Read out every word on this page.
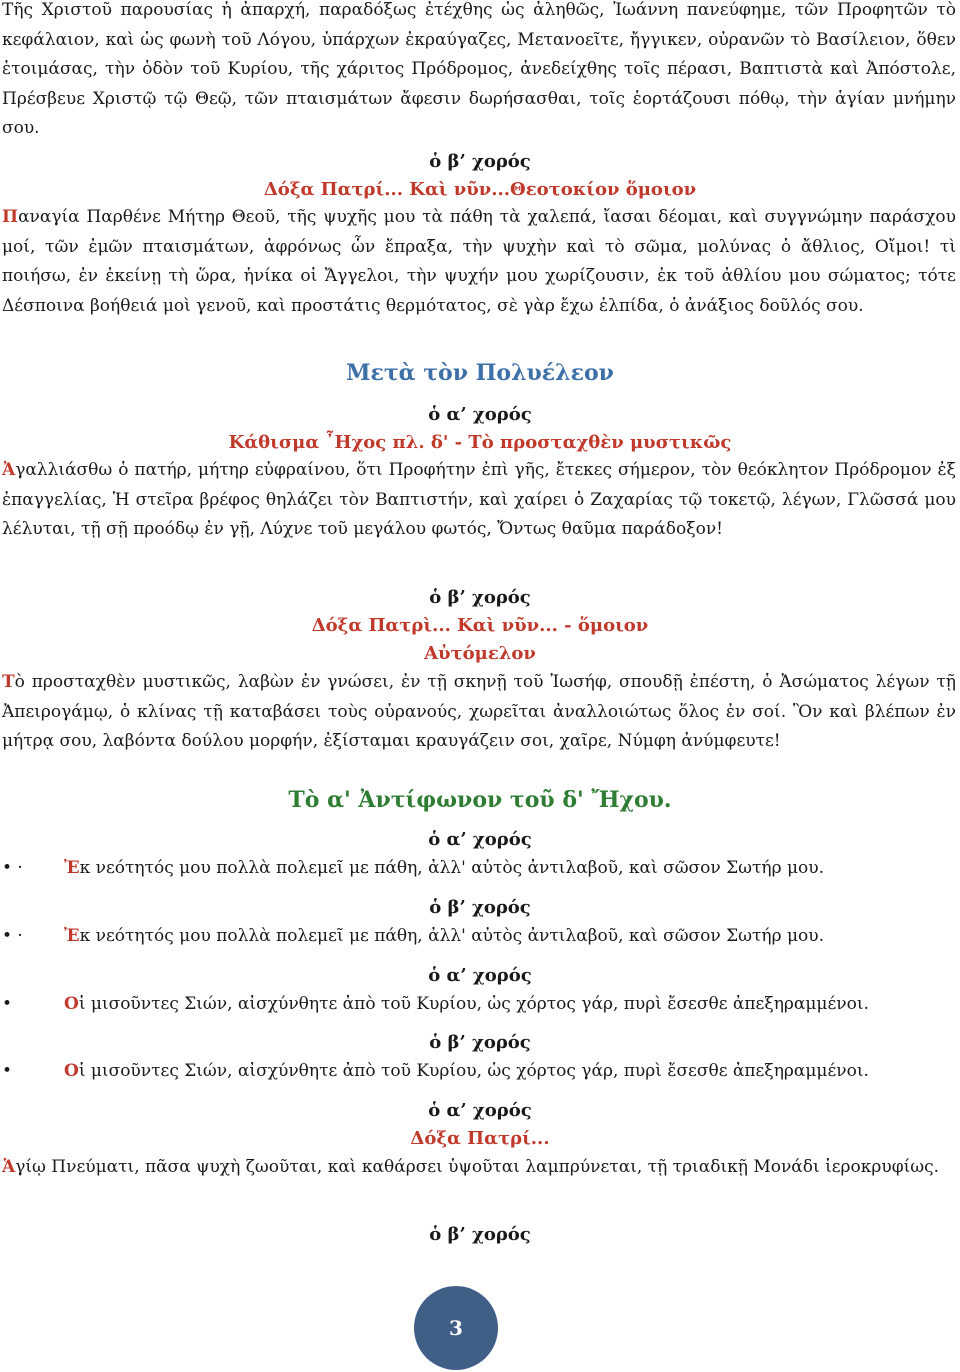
Τῆς Χριστοῦ παρουσίας ἡ ἀπαρχή, παραδόξως ἐτέχθης ὡς ἀληθῶς, Ἰωάννη πανεύφημε, τῶν Προφητῶν τὸ κεφάλαιον, καὶ ὡς φωνὴ τοῦ Λόγου, ὑπάρχων ἐκραύγαζες, Μετανοεῖτε, ἤγγικεν, οὐρανῶν τὸ Βασίλειον, ὅθεν ἑτοιμάσας, τὴν ὁδὸν τοῦ Κυρίου, τῆς χάριτος Πρόδρομος, ἀνεδείχθης τοῖς πέρασι, Βαπτιστὰ καὶ Ἀπόστολε, Πρέσβευε Χριστῷ τῷ Θεῷ, τῶν πταισμάτων ἄφεσιν δωρήσασθαι, τοῖς ἑορτάζουσι πόθῳ, τὴν ἁγίαν μνήμην σου.

ὁ β’ χορός
Δόξα Πατρί... Καὶ νῦν...Θεοτοκίον ὅμοιον

Παναγία Παρθένε Μήτηρ Θεοῦ, τῆς ψυχῆς μου τὰ πάθη τὰ χαλεπά, ἴασαι δέομαι, καὶ συγγνώμην παράσχου μοί, τῶν ἐμῶν πταισμάτων, ἀφρόνως ὧν ἔπραξα, τὴν ψυχὴν καὶ τὸ σῶμα, μολύνας ὁ ἄθλιος, Οἴμοι! τὶ ποιήσω, ἐν ἐκείνῃ τὴ ὥρα, ἡνίκα οἱ Ἄγγελοι, τὴν ψυχήν μου χωρίζουσιν, ἐκ τοῦ ἀθλίου μου σώματος; τότε Δέσποινα βοήθειά μοὶ γενοῦ, καὶ προστάτις θερμότατος, σὲ γὰρ ἔχω ἐλπίδα, ὁ ἀνάξιος δοῦλός σου.

Μετὰ τὸν Πολυέλεον
ὁ α’ χορός
Κάθισμα ῏Ηχος πλ. δ' - Τὸ προσταχθὲν μυστικῶς

Ἀγαλλιάσθω ὁ πατήρ, μήτηρ εὐφραίνου, ὅτι Προφήτην ἐπὶ γῆς, ἔτεκες σήμερον, τὸν θεόκλητον Πρόδρομον ἐξ ἐπαγγελίας, Ἡ στεῖρα βρέφος θηλάζει τὸν Βαπτιστήν, καὶ χαίρει ὁ Ζαχαρίας τῷ τοκετῷ, λέγων, Γλῶσσά μου λέλυται, τῇ σῇ προόδῳ ἐν γῇ, Λύχνε τοῦ μεγάλου φωτός, Ὄντως θαῦμα παράδοξον!

ὁ β’ χορός
Δόξα Πατρὶ... Καὶ νῦν... - ὅμοιον
Αὐτόμελον

Τὸ προσταχθὲν μυστικῶς, λαβὼν ἐν γνώσει, ἐν τῇ σκηνῇ τοῦ Ἰωσήφ, σπουδῇ ἐπέστη, ὁ Ἀσώματος λέγων τῇ Ἀπειρογάμῳ, ὁ κλίνας τῇ καταβάσει τοὺς οὐρανούς, χωρεῖται ἀναλλοιώτως ὅλος ἐν σοί. Ὃν καὶ βλέπων ἐν μήτρᾳ σου, λαβόντα δούλου μορφήν, ἐξίσταμαι κραυγάζειν σοι, χαῖρε, Νύμφη ἀνύμφευτε!

Τὸ α' Ἀντίφωνον τοῦ δ' Ἤχου.
ὁ α’ χορός
• · Ἐκ νεότητός μου πολλὰ πολεμεῖ με πάθη, ἀλλ' αὐτὸς ἀντιλαβοῦ, καὶ σῶσον Σωτήρ μου.
ὁ β’ χορός
• · Ἐκ νεότητός μου πολλὰ πολεμεῖ με πάθη, ἀλλ' αὐτὸς ἀντιλαβοῦ, καὶ σῶσον Σωτήρ μου.
ὁ α’ χορός
•	Οἱ μισοῦντες Σιών, αἰσχύνθητε ἀπὸ τοῦ Κυρίου, ὡς χόρτος γάρ, πυρὶ ἔσεσθε ἀπεξηραμμένοι.
ὁ β’ χορός
•	Οἱ μισοῦντες Σιών, αἰσχύνθητε ἀπὸ τοῦ Κυρίου, ὡς χόρτος γάρ, πυρὶ ἔσεσθε ἀπεξηραμμένοι.
ὁ α’ χορός
Δόξα Πατρί...

Ἁγίῳ Πνεύματι, πᾶσα ψυχὴ ζωοῦται, καὶ καθάρσει ὑψοῦται λαμπρύνεται, τῇ τριαδικῇ Μονάδι ἱεροκρυφίως.

ὁ β’ χορός
3
